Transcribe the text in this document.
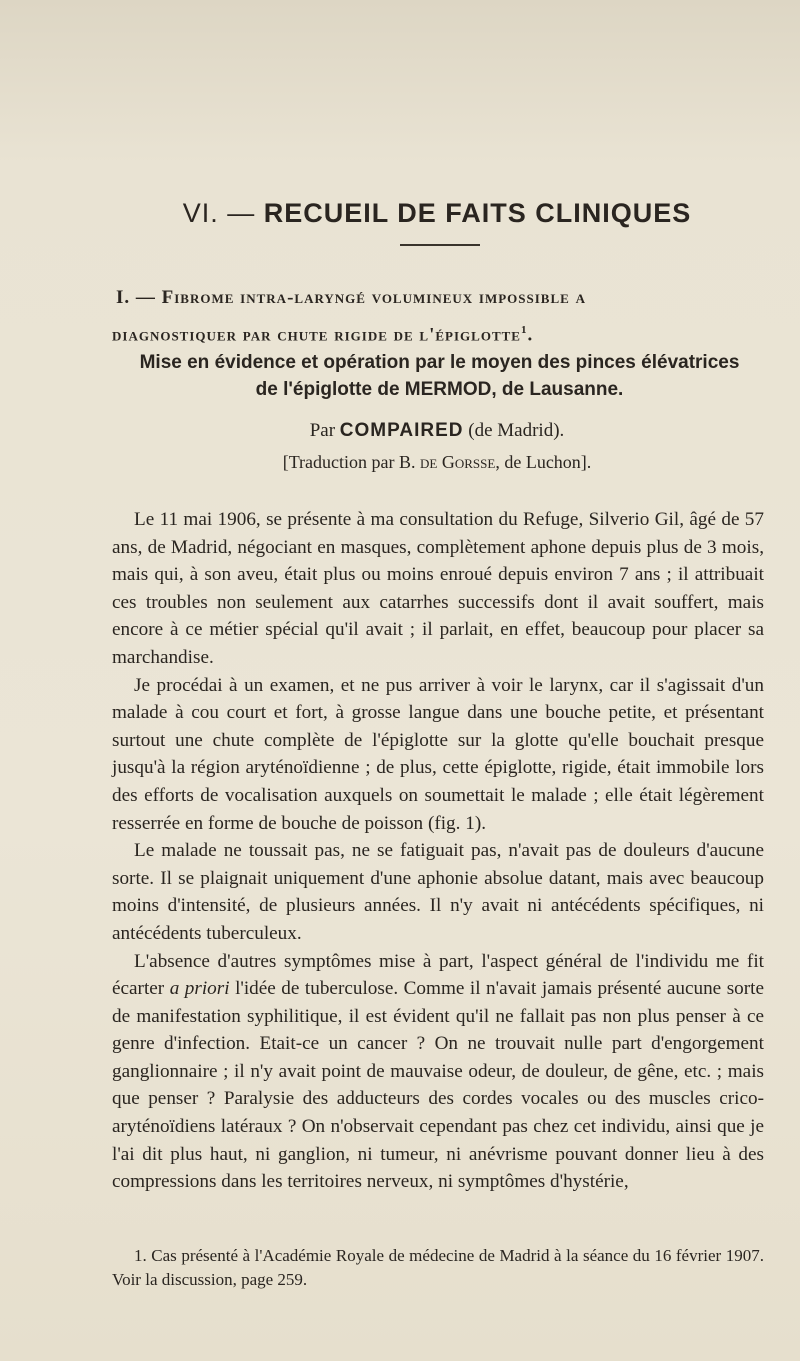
VI. — RECUEIL DE FAITS CLINIQUES
I. — Fibrome intra-laryngé volumineux impossible a
diagnostiquer par chute rigide de l'épiglotte$^1$.
Mise en évidence et opération par le moyen des pinces élévatrices
de l'épiglotte de MERMOD, de Lausanne.

Par COMPAIRED (de Madrid).

[Traduction par B. de Gorsse, de Luchon].

Le 11 mai 1906, se présente à ma consultation du Refuge, Silverio Gil, âgé de 57 ans, de Madrid, négociant en masques, complètement aphone depuis plus de 3 mois, mais qui, à son aveu, était plus ou moins enroué depuis environ 7 ans ; il attribuait ces troubles non seulement aux catarrhes successifs dont il avait souffert, mais encore à ce métier spécial qu'il avait ; il parlait, en effet, beaucoup pour placer sa marchandise.

Je procédai à un examen, et ne pus arriver à voir le larynx, car il s'agissait d'un malade à cou court et fort, à grosse langue dans une bouche petite, et présentant surtout une chute complète de l'épiglotte sur la glotte qu'elle bouchait presque jusqu'à la région aryténoïdienne ; de plus, cette épiglotte, rigide, était immobile lors des efforts de vocalisation auxquels on soumettait le malade ; elle était légèrement resserrée en forme de bouche de poisson (fig. 1).

Le malade ne toussait pas, ne se fatiguait pas, n'avait pas de douleurs d'aucune sorte. Il se plaignait uniquement d'une aphonie absolue datant, mais avec beaucoup moins d'intensité, de plusieurs années. Il n'y avait ni antécédents spécifiques, ni antécédents tuberculeux.

L'absence d'autres symptômes mise à part, l'aspect général de l'individu me fit écarter a priori l'idée de tuberculose. Comme il n'avait jamais présenté aucune sorte de manifestation syphilitique, il est évident qu'il ne fallait pas non plus penser à ce genre d'infection. Etait-ce un cancer ? On ne trouvait nulle part d'engorgement ganglionnaire ; il n'y avait point de mauvaise odeur, de douleur, de gêne, etc. ; mais que penser ? Paralysie des adducteurs des cordes vocales ou des muscles crico-aryténoïdiens latéraux ? On n'observait cependant pas chez cet individu, ainsi que je l'ai dit plus haut, ni ganglion, ni tumeur, ni anévrisme pouvant donner lieu à des compressions dans les territoires nerveux, ni symptômes d'hystérie,

1. Cas présenté à l'Académie Royale de médecine de Madrid à la séance du 16 février 1907. Voir la discussion, page 259.
